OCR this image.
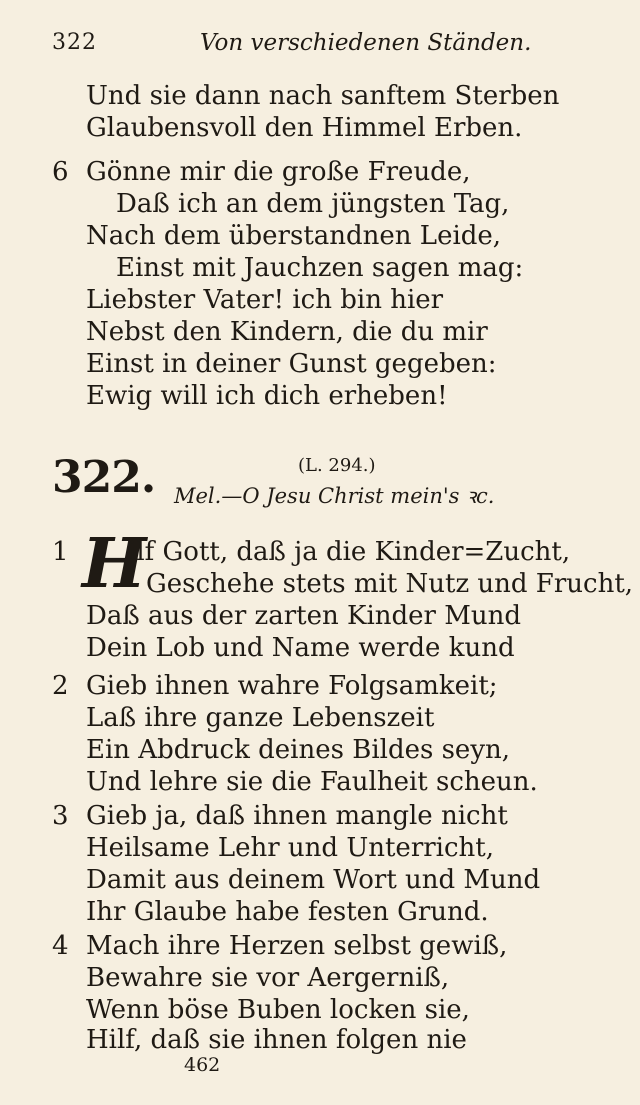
322	Von verschiedenen Ständen.
Und sie dann nach sanftem Sterben
Glaubensvoll den Himmel Erben.
6 Gönne mir die große Freude,
Daß ich an dem jüngsten Tag,
Nach dem überstandnen Leide,
Einst mit Jauchzen sagen mag:
Liebster Vater! ich bin hier
Nebst den Kindern, die du mir
Einst in deiner Gunst gegeben:
Ewig will ich dich erheben!
322.	(L. 294.)
Mel.—O Jesu Christ mein's ꝛc.
1 H
ilf Gott, daß ja die Kinder=Zucht,
Geschehe stets mit Nutz und Frucht,
Daß aus der zarten Kinder Mund
Dein Lob und Name werde kund
2 Gieb ihnen wahre Folgsamkeit;
Laß ihre ganze Lebenszeit
Ein Abdruck deines Bildes seyn,
Und lehre sie die Faulheit scheun.
3 Gieb ja, daß ihnen mangle nicht
Heilsame Lehr und Unterricht,
Damit aus deinem Wort und Mund
Ihr Glaube habe festen Grund.
4 Mach ihre Herzen selbst gewiß,
Bewahre sie vor Aergerniß,
Wenn böse Buben locken sie,
Hilf, daß sie ihnen folgen nie
462
